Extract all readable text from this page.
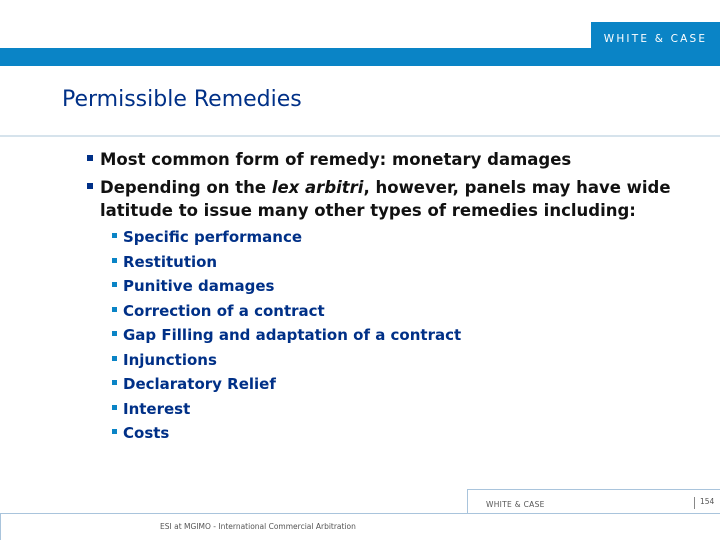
WHITE & CASE
Permissible Remedies
Most common form of remedy: monetary damages
Depending on the lex arbitri, however, panels may have wide latitude to issue many other types of remedies including:
Specific performance
Restitution
Punitive damages
Correction of a contract
Gap Filling and adaptation of a contract
Injunctions
Declaratory Relief
Interest
Costs
WHITE & CASE	154
ESI at MGIMO - International Commercial Arbitration
